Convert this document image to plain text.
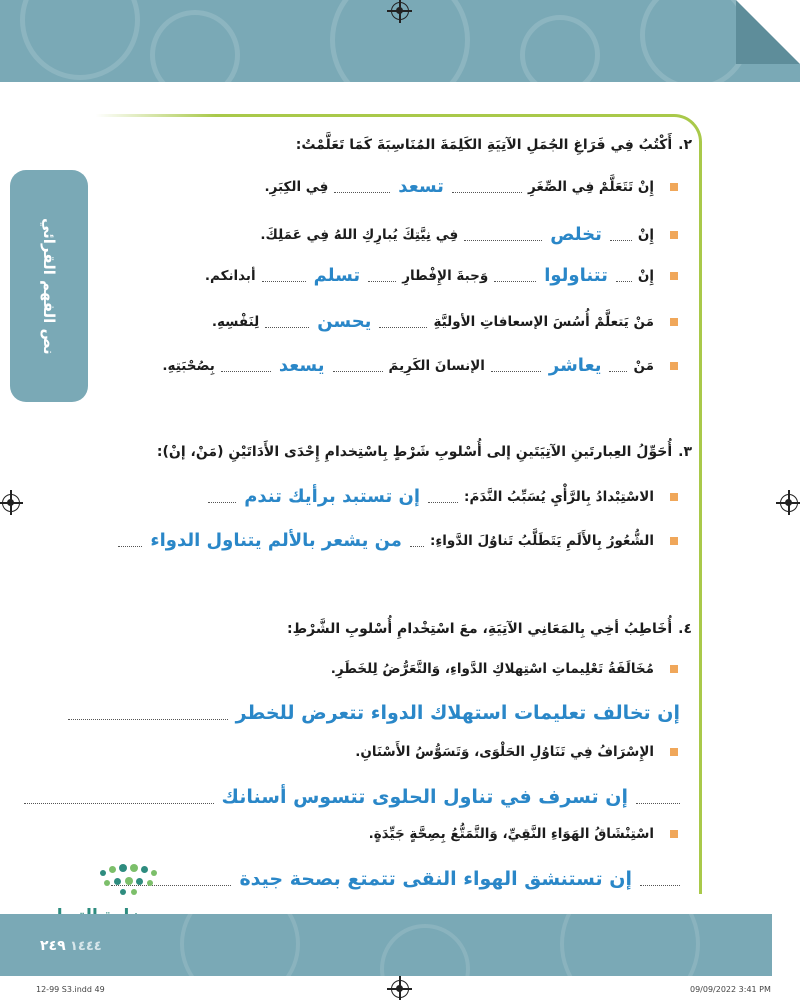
نص الفهم القرائي
٢.أَكْتُبُ فِي فَرَاغِ الجُمَلِ الآتِيَةِ الكَلِمَةَ المُنَاسِبَةَ كَمَا تَعَلَّمْتُ:
إِنْ تَتَعَلَّمْ فِي الصِّغَرِ
تسعد
فِي الكِبَرِ.
إِنْ
تخلص
فِي نِيَّتِكَ يُبارِكِ اللهُ فِي عَمَلِكَ.
إِنْ
تتناولوا
وَجبةَ الإِفْطارِ
تسلم
أبدانكم.
مَنْ يَتعلَّمْ أُسُسَ الإسعافاتِ الأوليَّةِ
يحسن
لِنَفْسِهِ.
مَنْ
يعاشر
الإنسانَ الكَرِيمَ
يسعد
بِصُحْبَتِهِ.
٣.أُحَوِّلُ العِبارتَينِ الآتِيَتَينِ إلى أُسْلوبِ شَرْطٍ بِاسْتِخدامِ إِحْدَى الأَدَاتَيْنِ (مَنْ، إنْ):
الاسْتِبْدادُ بِالرَّأْيِ يُسَبِّبُ النَّدَمَ:
إن تستبد برأيك تندم
الشُّعُورُ بِالأَلَمِ يَتَطَلَّبُ تَناوُلَ الدَّواءِ:
من يشعر بالألم يتناول الدواء
٤.أُخَاطِبُ أخِي بِالمَعَانِي الآتِيَةِ، معَ اسْتِخْدامِ أُسْلوبِ الشَّرْطِ:
مُخَالَفَةُ تَعْلِيماتِ اسْتِهلاكِ الدَّواءِ، وَالتَّعَرُّضُ لِلخَطَرِ.
إن تخالف تعليمات استهلاك الدواء تتعرض للخطر
الإِسْرَافُ فِي تَنَاوُلِ الحَلْوَى، وَتَسَوُّسُ الأَسْنَانِ.
إن تسرف في تناول الحلوى تتسوس أسنانك
اسْتِنْشَاقُ الهَوَاءِ النَّقِيِّ، وَالتَّمَتُّعُ بِصِحَّةٍ جَيِّدَةٍ.
إن تستنشق الهواء النقى تتمتع بصحة جيدة
٢٤٩ ١٤٤٤
12-99 S3.indd 49	09/09/2022 3:41 PM
